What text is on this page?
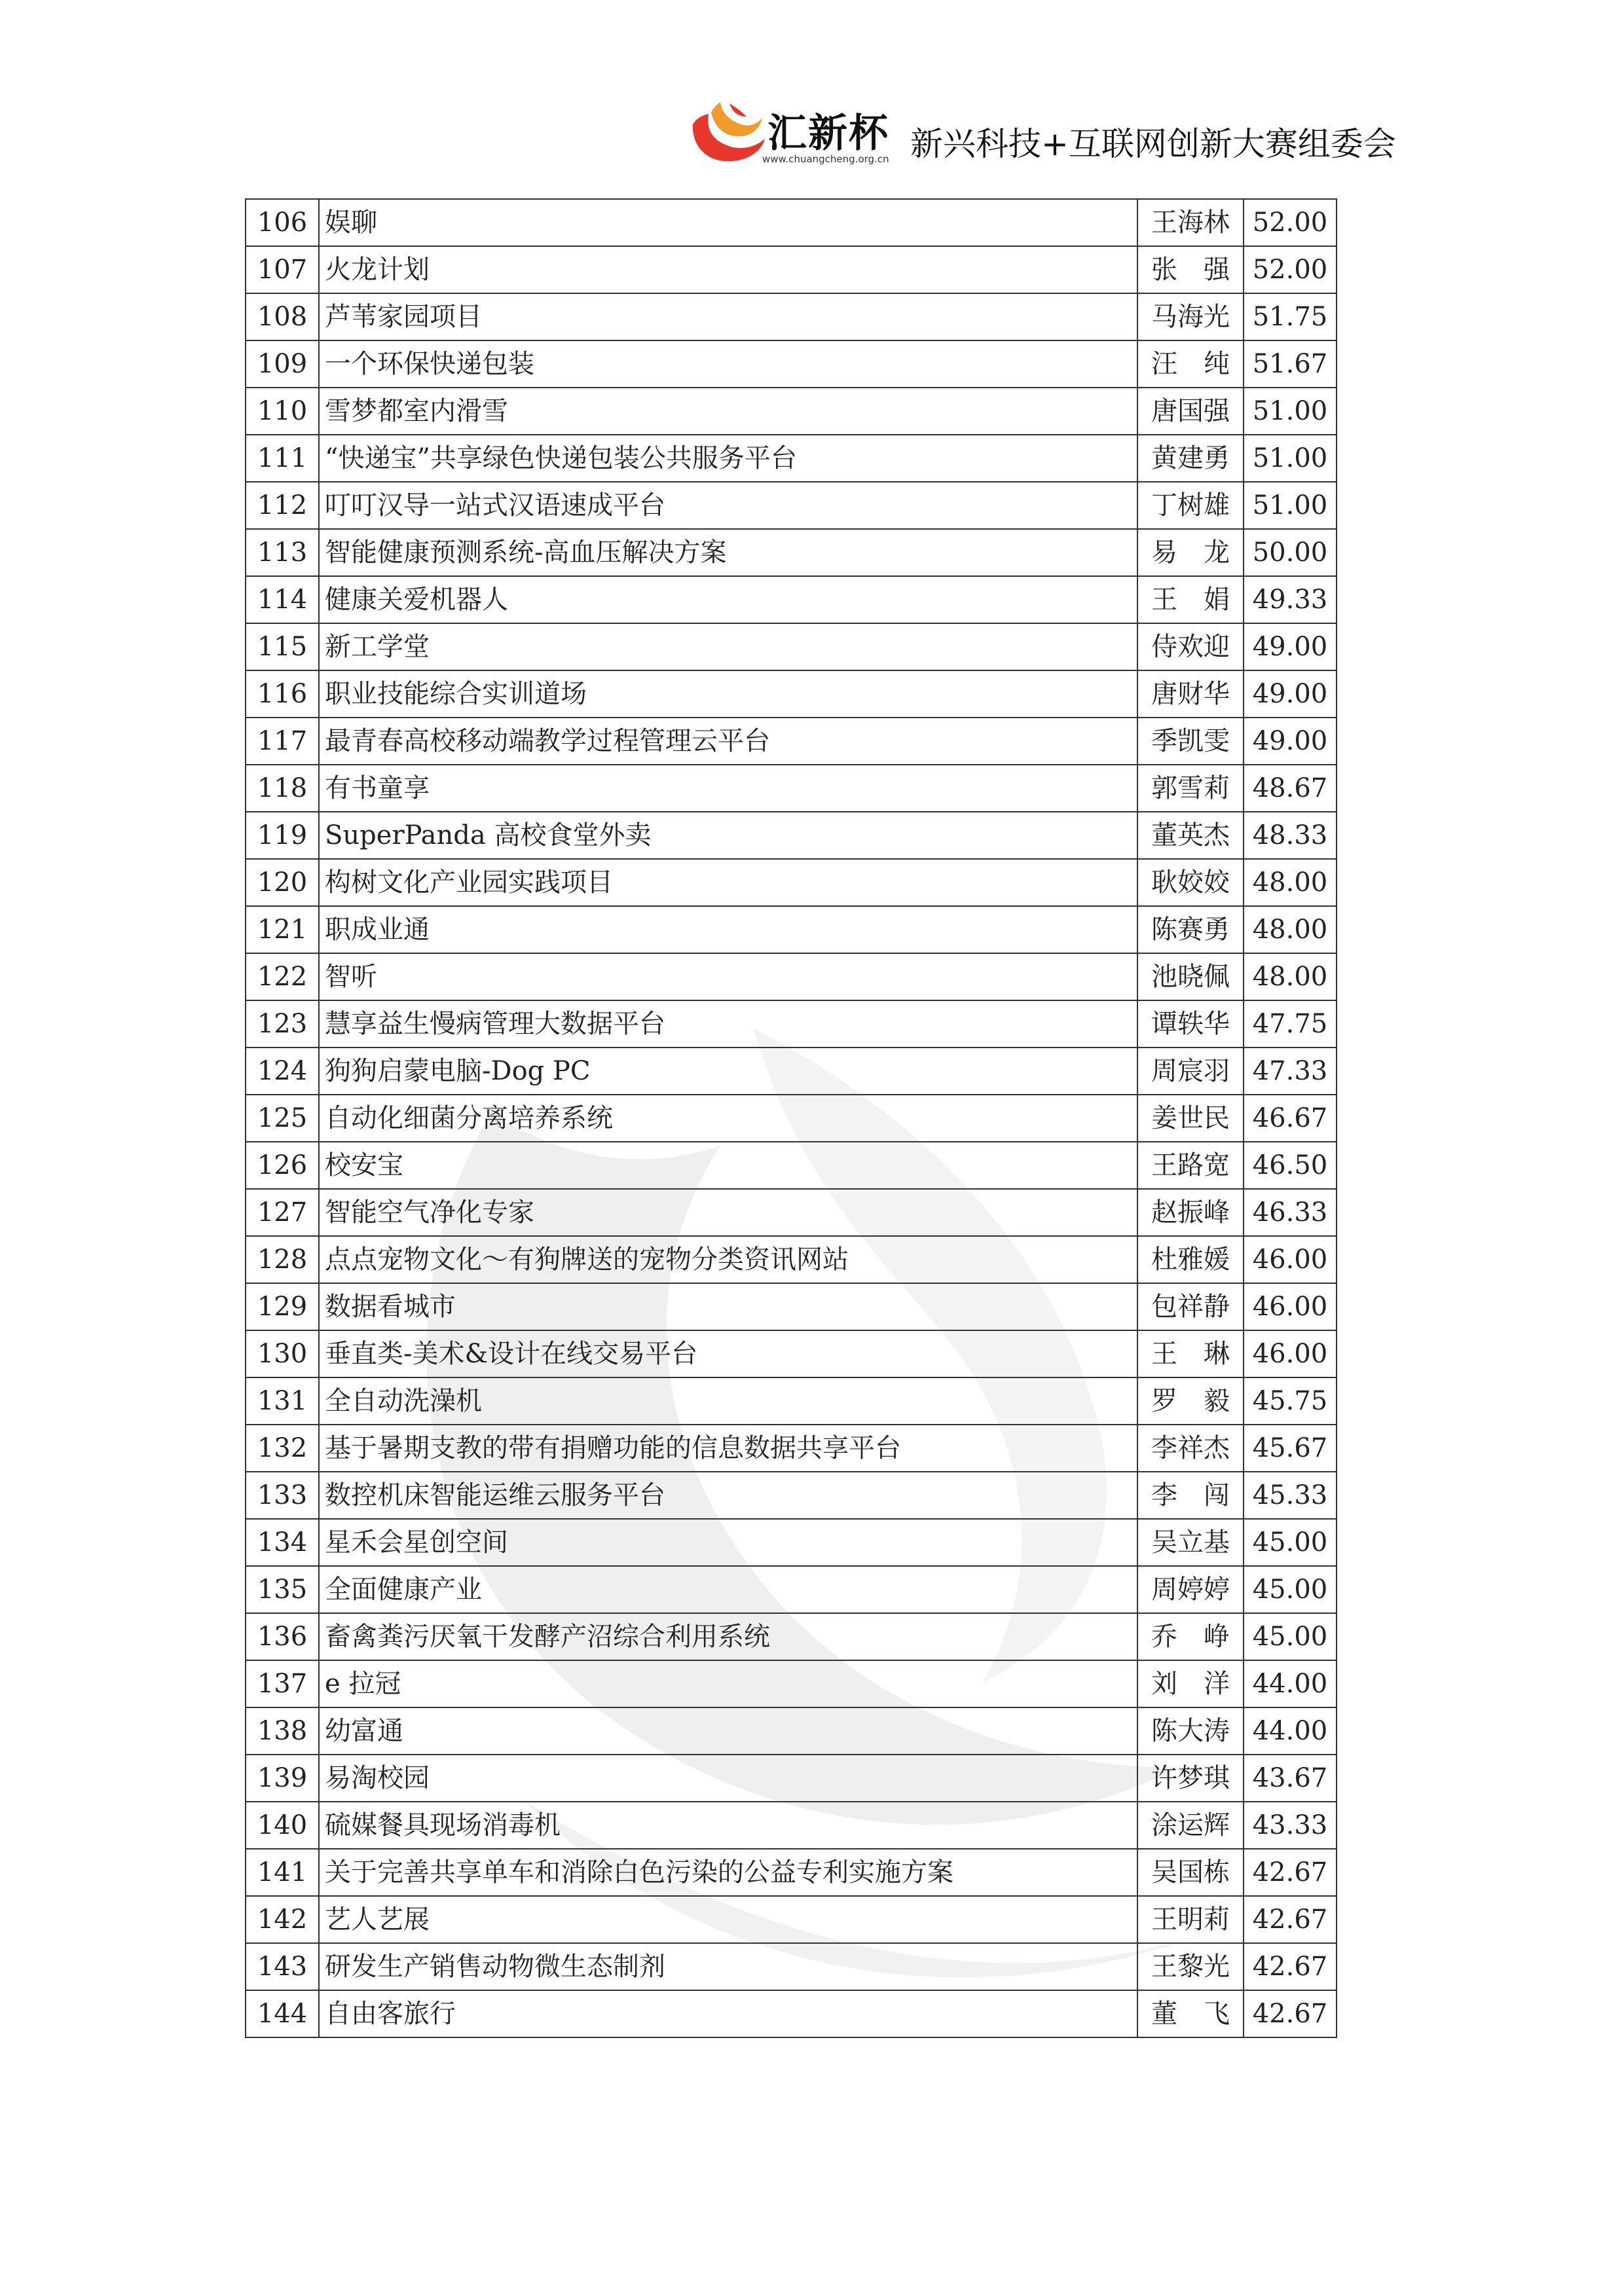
汇新杯
www.chuangcheng.org.cn 新兴科技+互联网创新大赛组委会
106	娱聊	王海林	52.00
107	火龙计划	张　强	52.00
108	芦苇家园项目	马海光	51.75
109	一个环保快递包装	汪　纯	51.67
110	雪梦都室内滑雪	唐国强	51.00
111	“快递宝”共享绿色快递包装公共服务平台	黄建勇	51.00
112	叮叮汉导一站式汉语速成平台	丁树雄	51.00
113	智能健康预测系统-高血压解决方案	易　龙	50.00
114	健康关爱机器人	王　娟	49.33
115	新工学堂	侍欢迎	49.00
116	职业技能综合实训道场	唐财华	49.00
117	最青春高校移动端教学过程管理云平台	季凯雯	49.00
118	有书童享	郭雪莉	48.67
119	SuperPanda 高校食堂外卖	董英杰	48.33
120	构树文化产业园实践项目	耿姣姣	48.00
121	职成业通	陈赛勇	48.00
122	智听	池晓佩	48.00
123	慧享益生慢病管理大数据平台	谭轶华	47.75
124	狗狗启蒙电脑-Dog PC	周宸羽	47.33
125	自动化细菌分离培养系统	姜世民	46.67
126	校安宝	王路宽	46.50
127	智能空气净化专家	赵振峰	46.33
128	点点宠物文化～有狗牌送的宠物分类资讯网站	杜雅媛	46.00
129	数据看城市	包祥静	46.00
130	垂直类-美术&设计在线交易平台	王　琳	46.00
131	全自动洗澡机	罗　毅	45.75
132	基于暑期支教的带有捐赠功能的信息数据共享平台	李祥杰	45.67
133	数控机床智能运维云服务平台	李　闯	45.33
134	星禾会星创空间	吴立基	45.00
135	全面健康产业	周婷婷	45.00
136	畜禽粪污厌氧干发酵产沼综合利用系统	乔　峥	45.00
137	e 拉冠	刘　洋	44.00
138	幼富通	陈大涛	44.00
139	易淘校园	许梦琪	43.67
140	硫媒餐具现场消毒机	涂运辉	43.33
141	关于完善共享单车和消除白色污染的公益专利实施方案	吴国栋	42.67
142	艺人艺展	王明莉	42.67
143	研发生产销售动物微生态制剂	王黎光	42.67
144	自由客旅行	董　飞	42.67
